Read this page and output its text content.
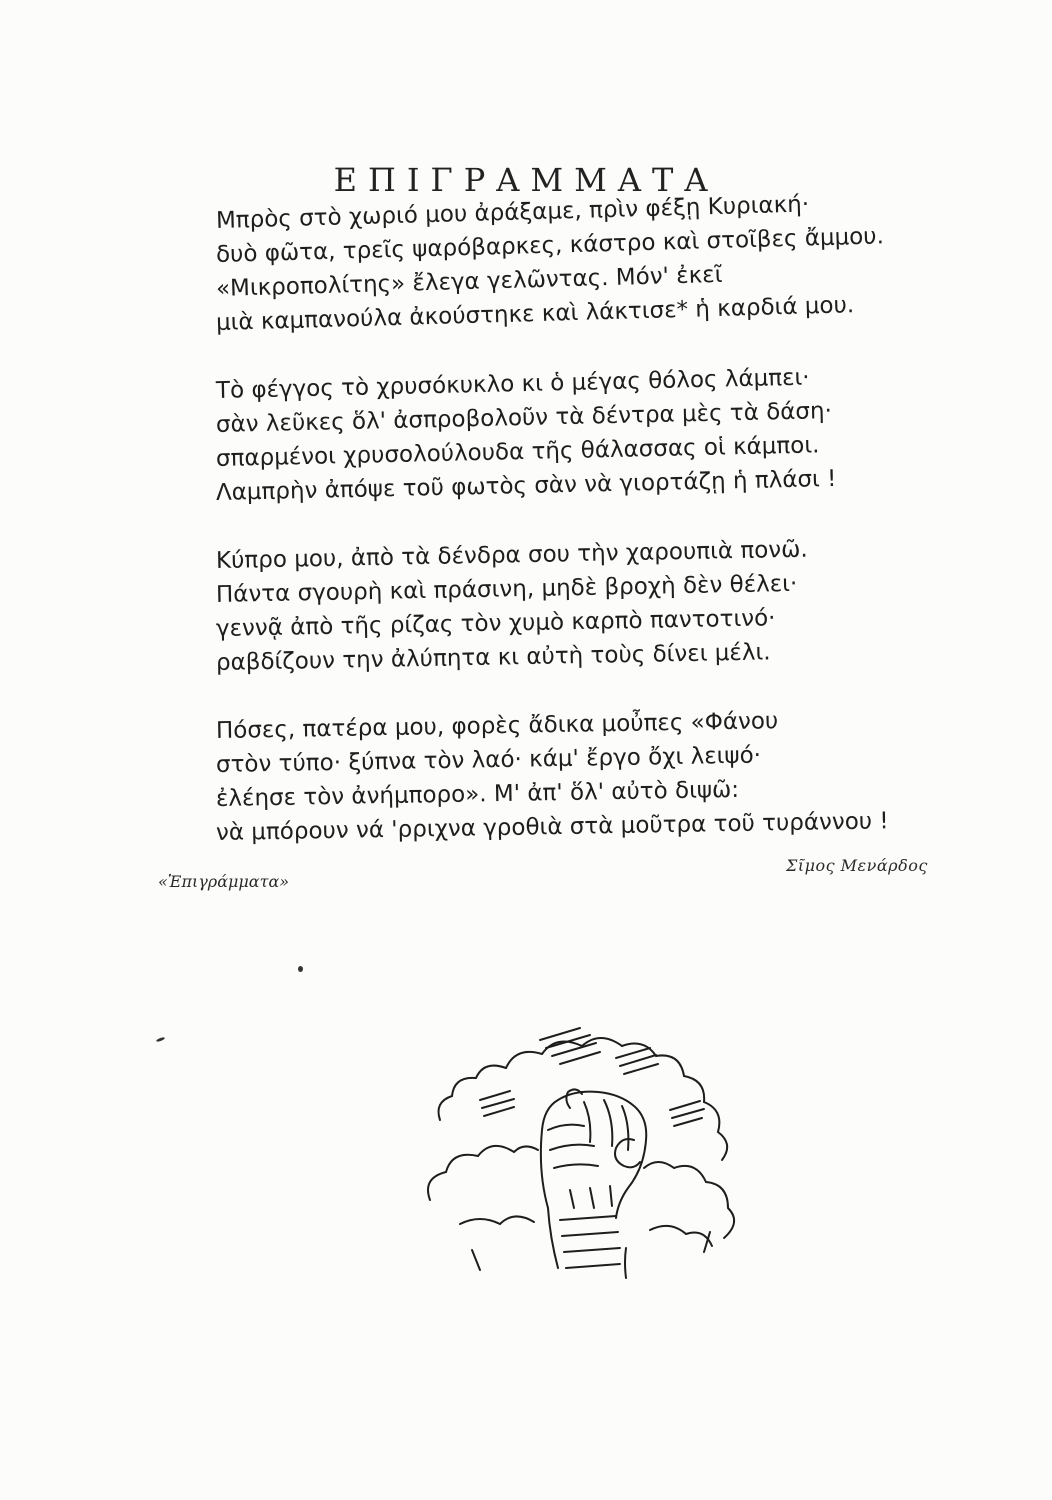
ΕΠΙΓΡΑΜΜΑΤΑ
Μπρὸς στὸ χωριό μου ἀράξαμε, πρὶν φέξῃ Κυριακή·
δυὸ φῶτα, τρεῖς ψαρόβαρκες, κάστρο καὶ στοῖβες ἄμμου.
«Μικροπολίτης» ἔλεγα γελῶντας. Μόν' ἐκεῖ
μιὰ καμπανούλα ἀκούστηκε καὶ λάκτισε* ἡ καρδιά μου.
Τὸ φέγγος τὸ χρυσόκυκλο κι ὁ μέγας θόλος λάμπει·
σὰν λεῦκες ὅλ' ἀσπροβολοῦν τὰ δέντρα μὲς τὰ δάση·
σπαρμένοι χρυσολούλουδα τῆς θάλασσας οἱ κάμποι.
Λαμπρὴν ἀπόψε τοῦ φωτὸς σὰν νὰ γιορτάζῃ ἡ πλάσι !
Κύπρο μου, ἀπὸ τὰ δένδρα σου τὴν χαρουπιὰ πονῶ.
Πάντα σγουρὴ καὶ πράσινη, μηδὲ βροχὴ δὲν θέλει·
γεννᾷ ἀπὸ τῆς ρίζας τὸν χυμὸ καρπὸ παντοτινό·
ραβδίζουν την ἀλύπητα κι αὐτὴ τοὺς δίνει μέλι.
Πόσες, πατέρα μου, φορὲς ἄδικα μοὖπες «Φάνου
στὸν τύπο· ξύπνα τὸν λαό· κάμ' ἔργο ὄχι λειψό·
ἐλέησε τὸν ἀνήμπορο». Μ' ἀπ' ὅλ' αὐτὸ διψῶ:
νὰ μπόρουν νά 'ρριχνα γροθιὰ στὰ μοῦτρα τοῦ τυράννου !
«Ἐπιγράμματα»
Σῖμος Μενάρδος
